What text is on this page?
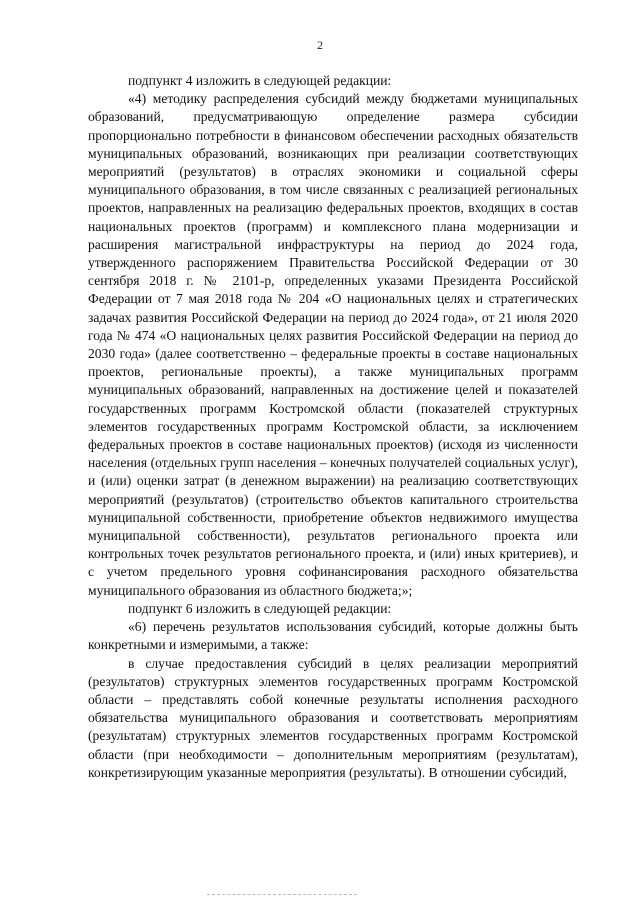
2

подпункт 4 изложить в следующей редакции:

«4) методику распределения субсидий между бюджетами муниципальных образований, предусматривающую определение размера субсидии пропорционально потребности в финансовом обеспечении расходных обязательств муниципальных образований, возникающих при реализации соответствующих мероприятий (результатов) в отраслях экономики и социальной сферы муниципального образования, в том числе связанных с реализацией региональных проектов, направленных на реализацию федеральных проектов, входящих в состав национальных проектов (программ) и комплексного плана модернизации и расширения магистральной инфраструктуры на период до 2024 года, утвержденного распоряжением Правительства Российской Федерации от 30 сентября 2018 г. № 2101-р, определенных указами Президента Российской Федерации от 7 мая 2018 года № 204 «О национальных целях и стратегических задачах развития Российской Федерации на период до 2024 года», от 21 июля 2020 года № 474 «О национальных целях развития Российской Федерации на период до 2030 года» (далее соответственно – федеральные проекты в составе национальных проектов, региональные проекты), а также муниципальных программ муниципальных образований, направленных на достижение целей и показателей государственных программ Костромской области (показателей структурных элементов государственных программ Костромской области, за исключением федеральных проектов в составе национальных проектов) (исходя из численности населения (отдельных групп населения – конечных получателей социальных услуг), и (или) оценки затрат (в денежном выражении) на реализацию соответствующих мероприятий (результатов) (строительство объектов капитального строительства муниципальной собственности, приобретение объектов недвижимого имущества муниципальной собственности), результатов регионального проекта или контрольных точек результатов регионального проекта, и (или) иных критериев), и с учетом предельного уровня софинансирования расходного обязательства муниципального образования из областного бюджета;»;

подпункт 6 изложить в следующей редакции:

«6) перечень результатов использования субсидий, которые должны быть конкретными и измеримыми, а также:

в случае предоставления субсидий в целях реализации мероприятий (результатов) структурных элементов государственных программ Костромской области – представлять собой конечные результаты исполнения расходного обязательства муниципального образования и соответствовать мероприятиям (результатам) структурных элементов государственных программ Костромской области (при необходимости – дополнительным мероприятиям (результатам), конкретизирующим указанные мероприятия (результаты). В отношении субсидий,
